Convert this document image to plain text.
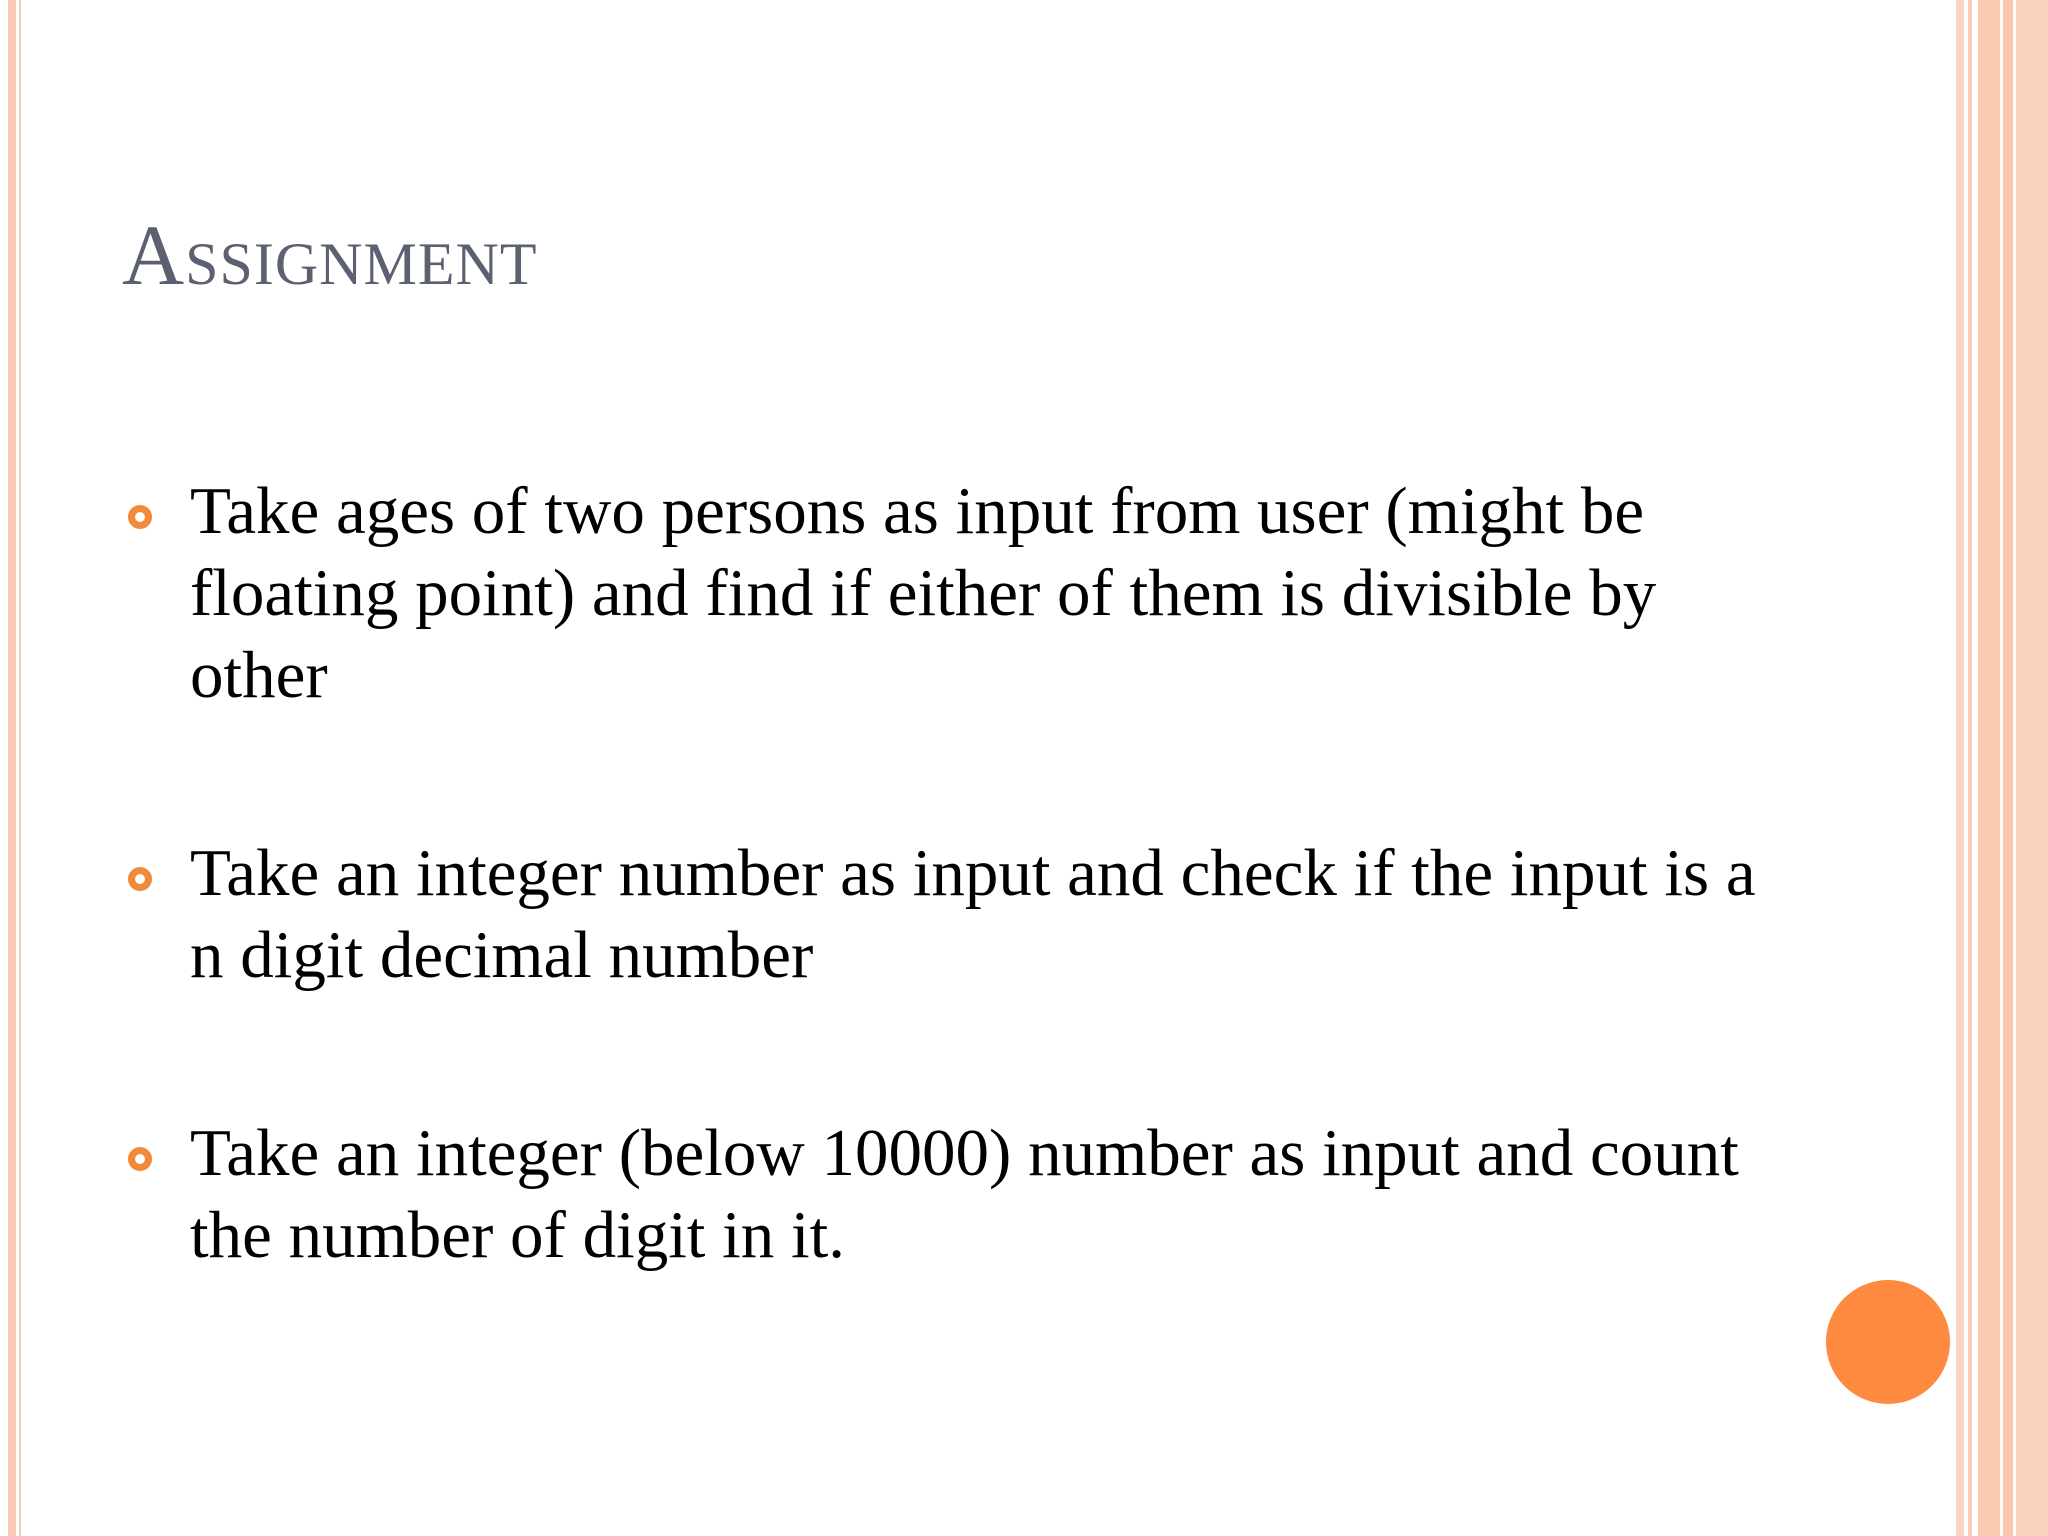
Assignment
Take ages of two persons as input from user (might be floating point) and find if either of them is divisible by other
Take an integer number as input and check if the input is a n digit decimal number
Take an integer (below 10000) number as input and count the number of digit in it.
